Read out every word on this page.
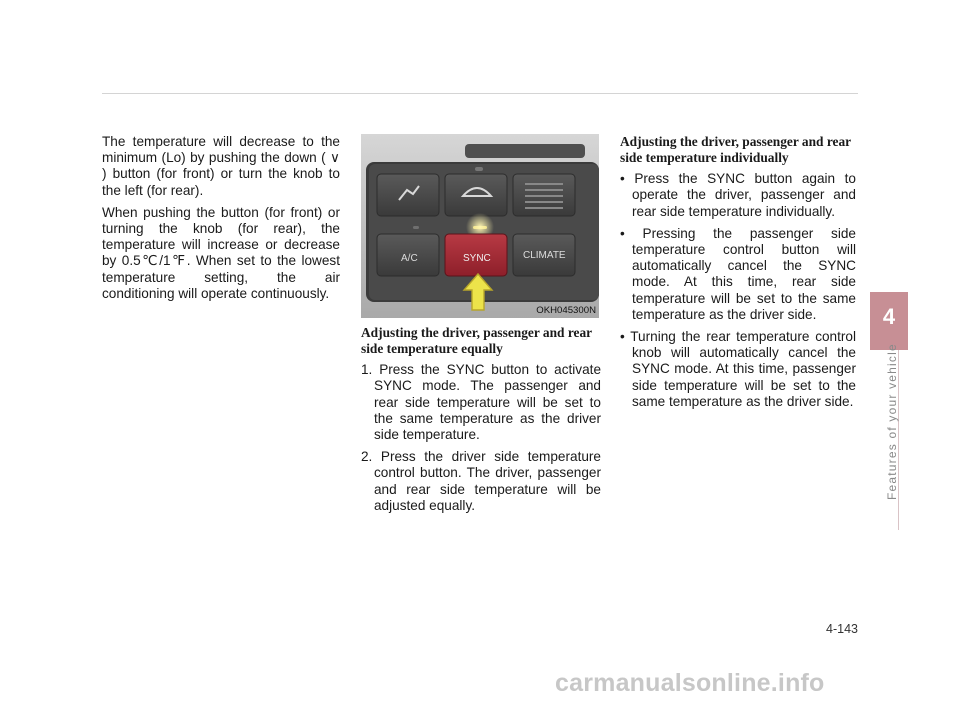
The temperature will decrease to the minimum (Lo) by pushing the down ( ∨ ) button (for front) or turn the knob to the left (for rear).

When pushing the button (for front) or turning the knob (for rear), the temperature will increase or decrease by 0.5℃/1℉. When set to the lowest temperature setting, the air conditioning will operate continuously.

A/C	SYNC	CLIMATE
OKH045300N
Adjusting the driver, passenger and rear side temperature equally
1. Press the SYNC button to activate SYNC mode. The passenger and rear side temperature will be set to the same temperature as the driver side temperature.
2. Press the driver side temperature control button. The driver, passenger and rear side temperature will be adjusted equally.
Adjusting the driver, passenger and rear side temperature individually
• Press the SYNC button again to operate the driver, passenger and rear side temperature individually.
• Pressing the passenger side temperature control button will automatically cancel the SYNC mode. At this time, rear side temperature will be set to the same temperature as the driver side.
• Turning the rear temperature control knob will automatically cancel the SYNC mode. At this time, passenger side temperature will be set to the same temperature as the driver side.
4
Features of your vehicle
4-143
carmanualsonline.info
